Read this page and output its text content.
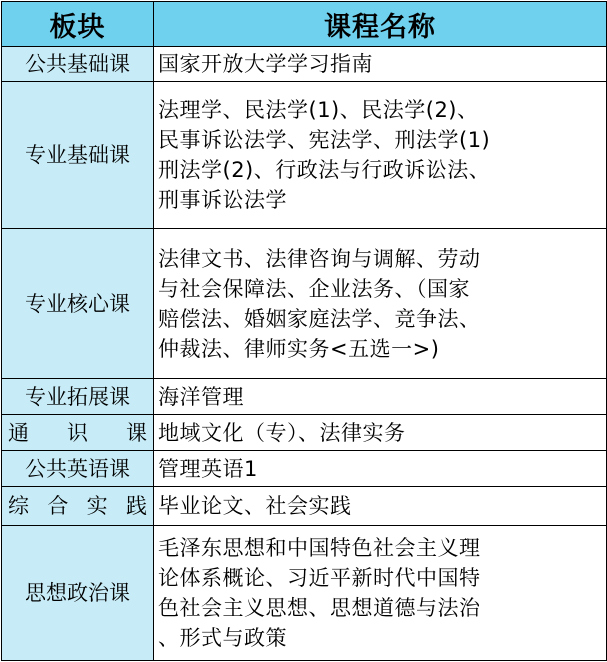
板块	课程名称
公共基础课	国家开放大学学习指南
专业基础课	法理学、民法学(1)、民法学(2)、
民事诉讼法学、宪法学、刑法学(1)
刑法学(2)、行政法与行政诉讼法、
刑事诉讼法学
专业核心课	法律文书、法律咨询与调解、劳动
与社会保障法、企业法务、（国家
赔偿法、婚姻家庭法学、竞争法、
仲裁法、律师实务<五选一>)
专业拓展课	海洋管理
通 识 课	地域文化（专）、法律实务
公共英语课	管理英语1
综 合 实 践	毕业论文、社会实践
思想政治课	毛泽东思想和中国特色社会主义理
论体系概论、习近平新时代中国特
色社会主义思想、思想道德与法治
、形式与政策
